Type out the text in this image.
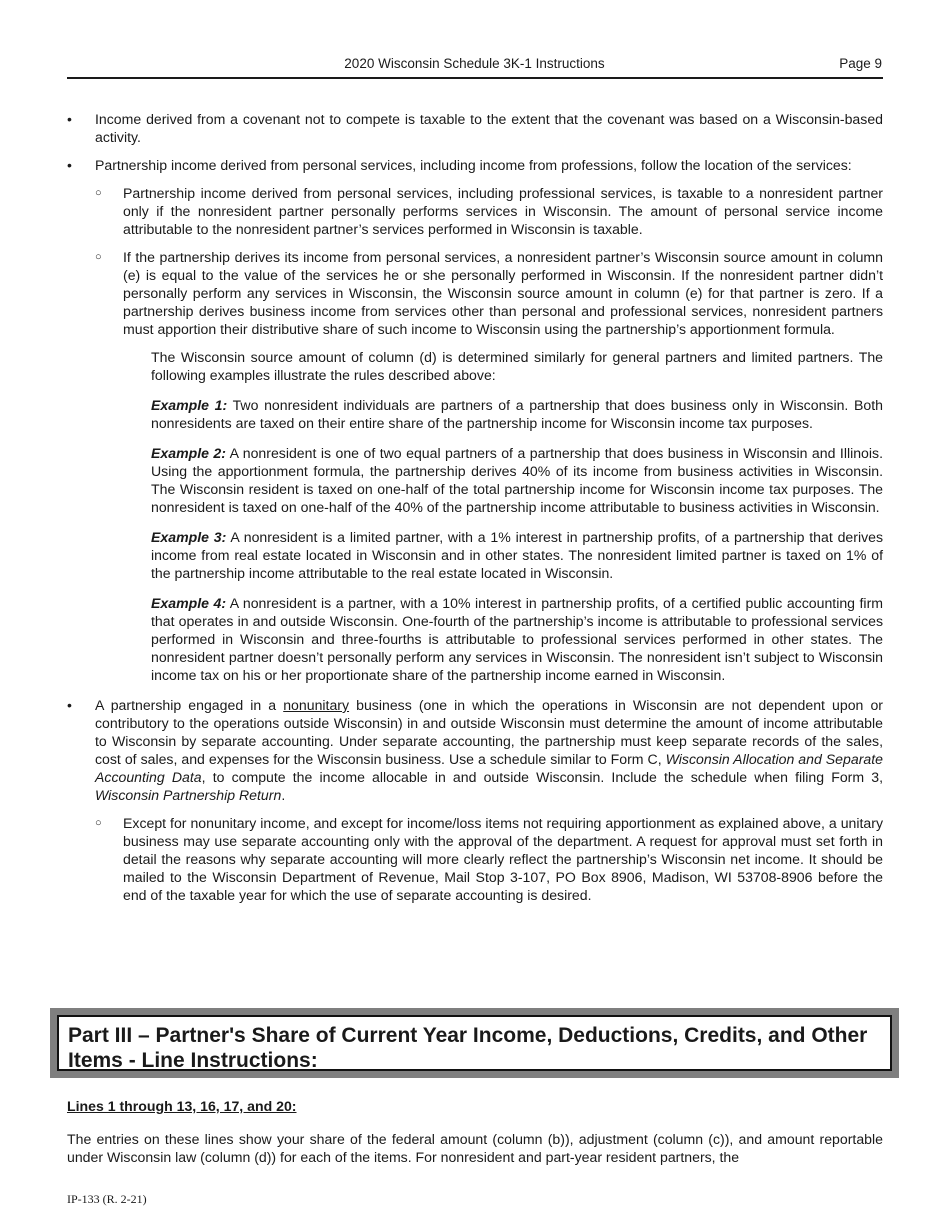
2020 Wisconsin Schedule 3K-1 Instructions	Page 9

• Income derived from a covenant not to compete is taxable to the extent that the covenant was based on a Wisconsin-based activity.

• Partnership income derived from personal services, including income from professions, follow the location of the services:

○ Partnership income derived from personal services, including professional services, is taxable to a nonresident partner only if the nonresident partner personally performs services in Wisconsin. The amount of personal service income attributable to the nonresident partner’s services performed in Wisconsin is taxable.

○ If the partnership derives its income from personal services, a nonresident partner’s Wisconsin source amount in column (e) is equal to the value of the services he or she personally performed in Wisconsin. If the nonresident partner didn’t personally perform any services in Wisconsin, the Wisconsin source amount in column (e) for that partner is zero. If a partnership derives business income from services other than personal and professional services, nonresident partners must apportion their distributive share of such income to Wisconsin using the partnership’s apportionment formula.

The Wisconsin source amount of column (d) is determined similarly for general partners and limited partners. The following examples illustrate the rules described above:

Example 1: Two nonresident individuals are partners of a partnership that does business only in Wisconsin. Both nonresidents are taxed on their entire share of the partnership income for Wisconsin income tax purposes.

Example 2: A nonresident is one of two equal partners of a partnership that does business in Wisconsin and Illinois. Using the apportionment formula, the partnership derives 40% of its income from business activities in Wisconsin. The Wisconsin resident is taxed on one-half of the total partnership income for Wisconsin income tax purposes. The nonresident is taxed on one-half of the 40% of the partnership income attributable to business activities in Wisconsin.

Example 3: A nonresident is a limited partner, with a 1% interest in partnership profits, of a partnership that derives income from real estate located in Wisconsin and in other states. The nonresident limited partner is taxed on 1% of the partnership income attributable to the real estate located in Wisconsin.

Example 4: A nonresident is a partner, with a 10% interest in partnership profits, of a certified public accounting firm that operates in and outside Wisconsin. One-fourth of the partnership’s income is attributable to professional services performed in Wisconsin and three-fourths is attributable to professional services performed in other states. The nonresident partner doesn’t personally perform any services in Wisconsin. The nonresident isn’t subject to Wisconsin income tax on his or her proportionate share of the partnership income earned in Wisconsin.

• A partnership engaged in a nonunitary business (one in which the operations in Wisconsin are not dependent upon or contributory to the operations outside Wisconsin) in and outside Wisconsin must determine the amount of income attributable to Wisconsin by separate accounting. Under separate accounting, the partnership must keep separate records of the sales, cost of sales, and expenses for the Wisconsin business. Use a schedule similar to Form C, Wisconsin Allocation and Separate Accounting Data, to compute the income allocable in and outside Wisconsin. Include the schedule when filing Form 3, Wisconsin Partnership Return.

○ Except for nonunitary income, and except for income/loss items not requiring apportionment as explained above, a unitary business may use separate accounting only with the approval of the department. A request for approval must set forth in detail the reasons why separate accounting will more clearly reflect the partnership’s Wisconsin net income. It should be mailed to the Wisconsin Department of Revenue, Mail Stop 3-107, PO Box 8906, Madison, WI 53708-8906 before the end of the taxable year for which the use of separate accounting is desired.

Part III – Partner's Share of Current Year Income, Deductions, Credits, and Other Items - Line Instructions:
Lines 1 through 13, 16, 17, and 20:

The entries on these lines show your share of the federal amount (column (b)), adjustment (column (c)), and amount reportable under Wisconsin law (column (d)) for each of the items. For nonresident and part-year resident partners, the

IP-133 (R. 2-21)
